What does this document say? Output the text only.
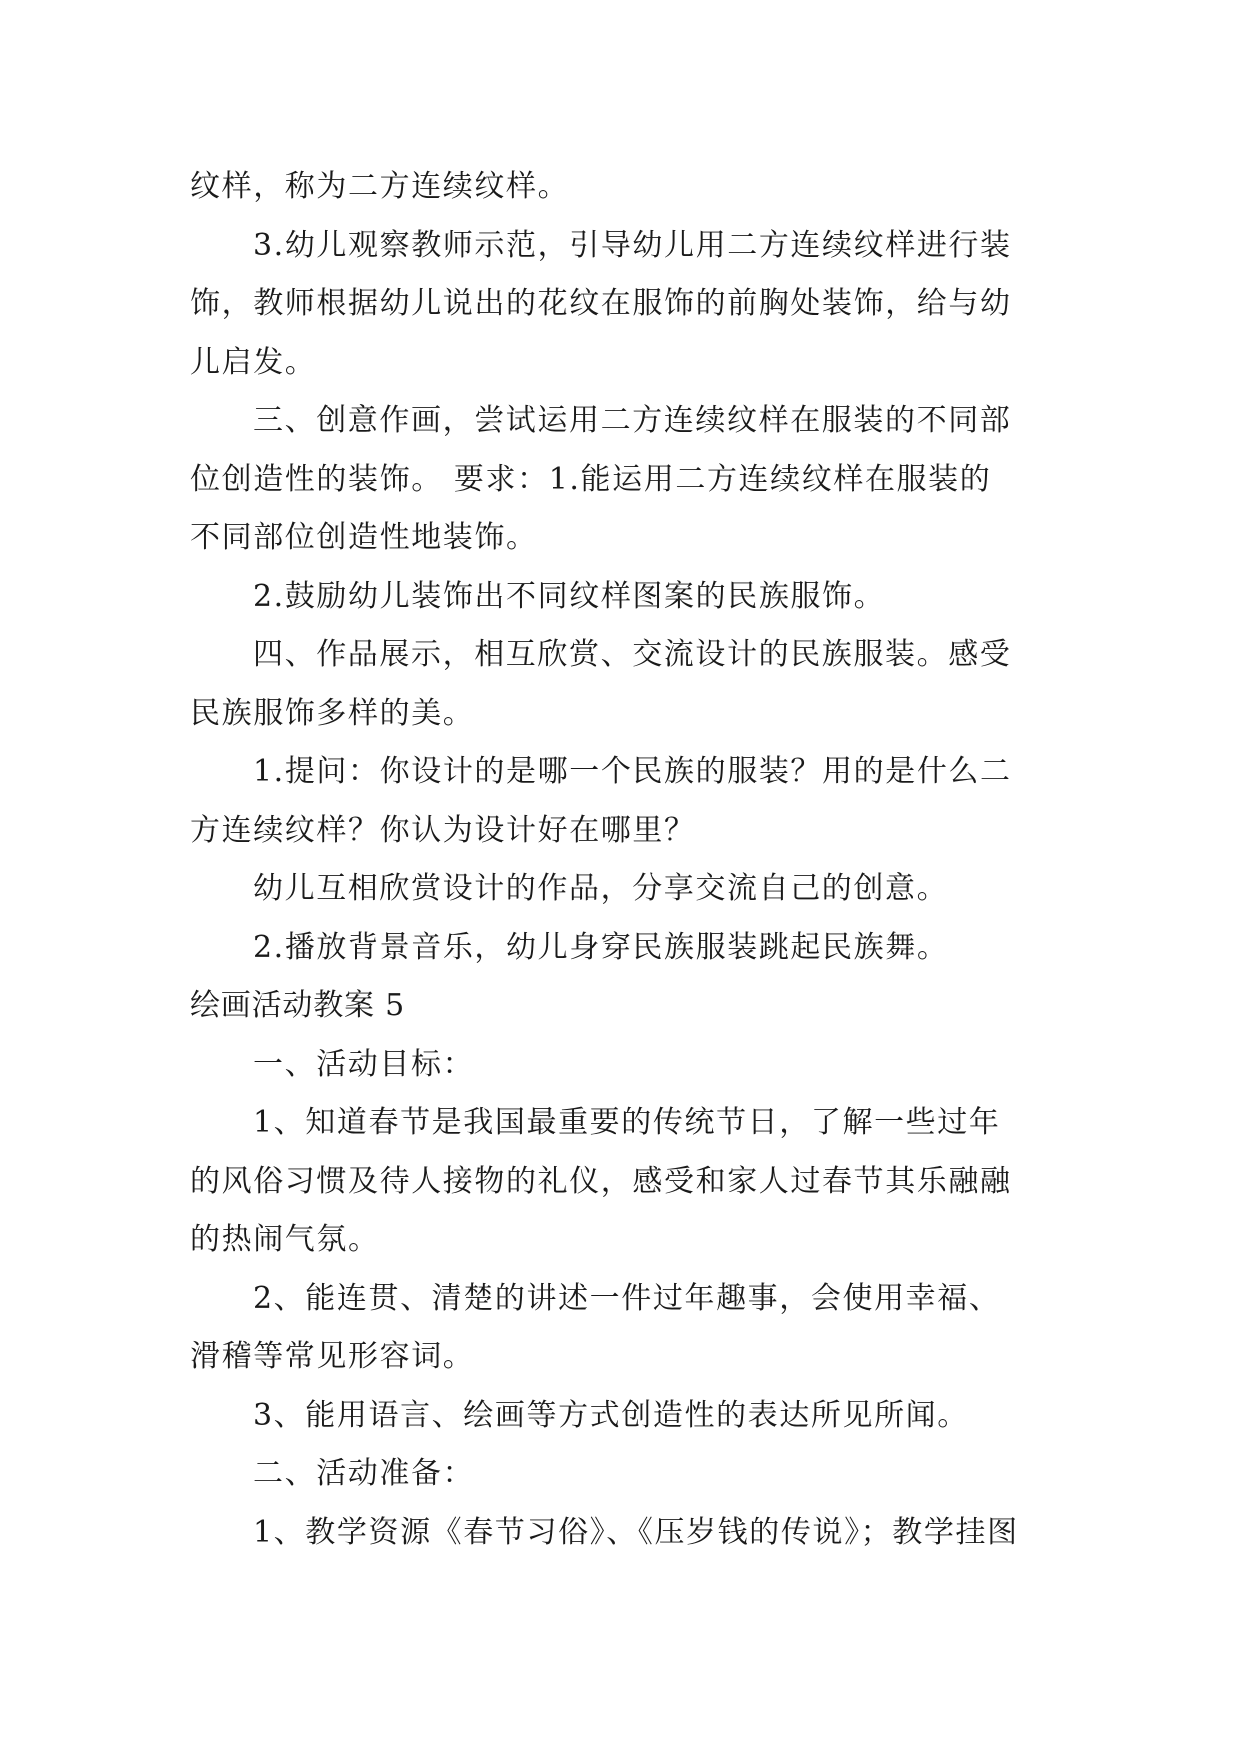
纹样，称为二方连续纹样。

3.幼儿观察教师示范，引导幼儿用二方连续纹样进行装

饰，教师根据幼儿说出的花纹在服饰的前胸处装饰，给与幼

儿启发。

三、创意作画，尝试运用二方连续纹样在服装的不同部

位创造性的装饰。 要求：1.能运用二方连续纹样在服装的

不同部位创造性地装饰。

2.鼓励幼儿装饰出不同纹样图案的民族服饰。

四、作品展示，相互欣赏、交流设计的民族服装。感受

民族服饰多样的美。

1.提问：你设计的是哪一个民族的服装？用的是什么二

方连续纹样？你认为设计好在哪里？

幼儿互相欣赏设计的作品，分享交流自己的创意。

2.播放背景音乐，幼儿身穿民族服装跳起民族舞。

绘画活动教案 5

一、活动目标：

1、知道春节是我国最重要的传统节日，了解一些过年

的风俗习惯及待人接物的礼仪，感受和家人过春节其乐融融

的热闹气氛。

2、能连贯、清楚的讲述一件过年趣事，会使用幸福、

滑稽等常见形容词。

3、能用语言、绘画等方式创造性的表达所见所闻。

二、活动准备：

1、教学资源《春节习俗》、《压岁钱的传说》；教学挂图
